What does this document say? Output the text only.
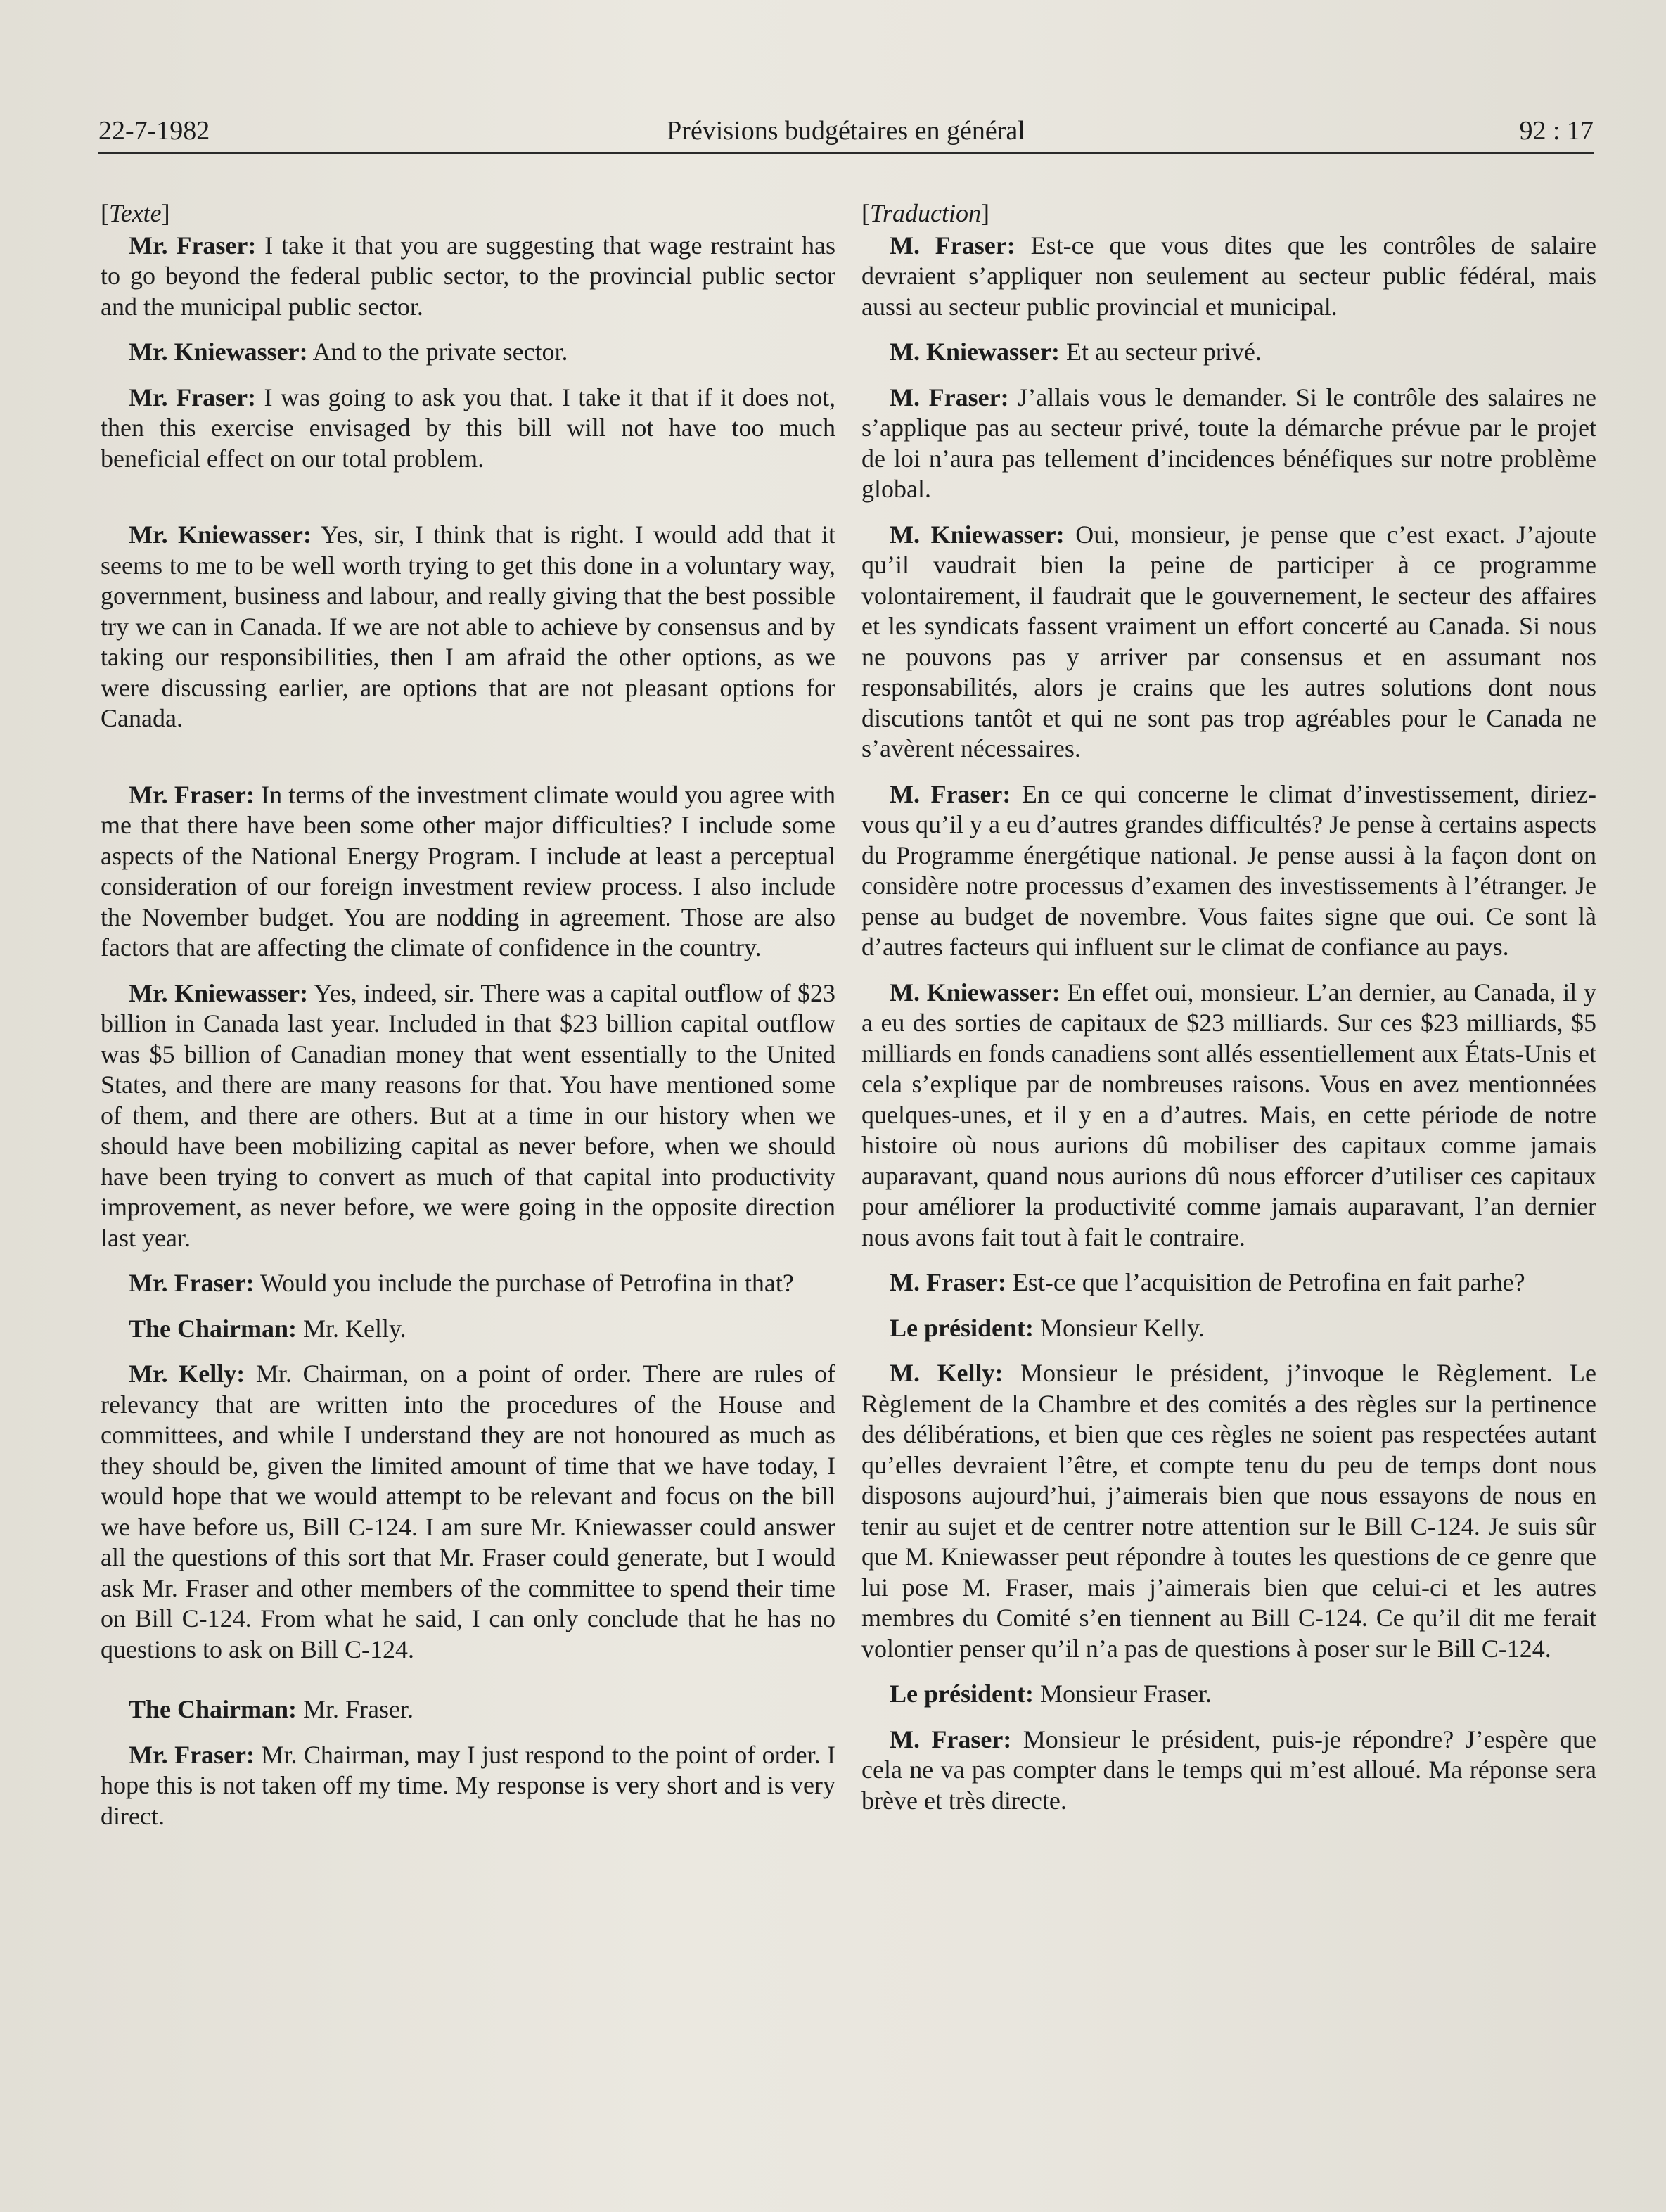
22-7-1982	Prévisions budgétaires en général	92 : 17

[Texte]

Mr. Fraser: I take it that you are suggesting that wage restraint has to go beyond the federal public sector, to the provincial public sector and the municipal public sector.

Mr. Kniewasser: And to the private sector.

Mr. Fraser: I was going to ask you that. I take it that if it does not, then this exercise envisaged by this bill will not have too much beneficial effect on our total problem.

Mr. Kniewasser: Yes, sir, I think that is right. I would add that it seems to me to be well worth trying to get this done in a voluntary way, government, business and labour, and really giving that the best possible try we can in Canada. If we are not able to achieve by consensus and by taking our responsibilities, then I am afraid the other options, as we were discussing earlier, are options that are not pleasant options for Canada.

Mr. Fraser: In terms of the investment climate would you agree with me that there have been some other major difficulties? I include some aspects of the National Energy Program. I include at least a perceptual consideration of our foreign investment review process. I also include the November budget. You are nodding in agreement. Those are also factors that are affecting the climate of confidence in the country.

Mr. Kniewasser: Yes, indeed, sir. There was a capital outflow of $23 billion in Canada last year. Included in that $23 billion capital outflow was $5 billion of Canadian money that went essentially to the United States, and there are many reasons for that. You have mentioned some of them, and there are others. But at a time in our history when we should have been mobilizing capital as never before, when we should have been trying to convert as much of that capital into productivity improvement, as never before, we were going in the opposite direction last year.

Mr. Fraser: Would you include the purchase of Petrofina in that?

The Chairman: Mr. Kelly.

Mr. Kelly: Mr. Chairman, on a point of order. There are rules of relevancy that are written into the procedures of the House and committees, and while I understand they are not honoured as much as they should be, given the limited amount of time that we have today, I would hope that we would attempt to be relevant and focus on the bill we have before us, Bill C-124. I am sure Mr. Kniewasser could answer all the questions of this sort that Mr. Fraser could generate, but I would ask Mr. Fraser and other members of the committee to spend their time on Bill C-124. From what he said, I can only conclude that he has no questions to ask on Bill C-124.

The Chairman: Mr. Fraser.

Mr. Fraser: Mr. Chairman, may I just respond to the point of order. I hope this is not taken off my time. My response is very short and is very direct.

[Traduction]

M. Fraser: Est-ce que vous dites que les contrôles de salaire devraient s’appliquer non seulement au secteur public fédéral, mais aussi au secteur public provincial et municipal.

M. Kniewasser: Et au secteur privé.

M. Fraser: J’allais vous le demander. Si le contrôle des salaires ne s’applique pas au secteur privé, toute la démarche prévue par le projet de loi n’aura pas tellement d’incidences bénéfiques sur notre problème global.

M. Kniewasser: Oui, monsieur, je pense que c’est exact. J’ajoute qu’il vaudrait bien la peine de participer à ce programme volontairement, il faudrait que le gouvernement, le secteur des affaires et les syndicats fassent vraiment un effort concerté au Canada. Si nous ne pouvons pas y arriver par consensus et en assumant nos responsabilités, alors je crains que les autres solutions dont nous discutions tantôt et qui ne sont pas trop agréables pour le Canada ne s’avèrent nécessaires.

M. Fraser: En ce qui concerne le climat d’investissement, diriez-vous qu’il y a eu d’autres grandes difficultés? Je pense à certains aspects du Programme énergétique national. Je pense aussi à la façon dont on considère notre processus d’examen des investissements à l’étranger. Je pense au budget de novembre. Vous faites signe que oui. Ce sont là d’autres facteurs qui influent sur le climat de confiance au pays.

M. Kniewasser: En effet oui, monsieur. L’an dernier, au Canada, il y a eu des sorties de capitaux de $23 milliards. Sur ces $23 milliards, $5 milliards en fonds canadiens sont allés essentiellement aux États-Unis et cela s’explique par de nombreuses raisons. Vous en avez mentionnées quelques-unes, et il y en a d’autres. Mais, en cette période de notre histoire où nous aurions dû mobiliser des capitaux comme jamais auparavant, quand nous aurions dû nous efforcer d’utiliser ces capitaux pour améliorer la productivité comme jamais auparavant, l’an dernier nous avons fait tout à fait le contraire.

M. Fraser: Est-ce que l’acquisition de Petrofina en fait parhe?

Le président: Monsieur Kelly.

M. Kelly: Monsieur le président, j’invoque le Règlement. Le Règlement de la Chambre et des comités a des règles sur la pertinence des délibérations, et bien que ces règles ne soient pas respectées autant qu’elles devraient l’être, et compte tenu du peu de temps dont nous disposons aujourd’hui, j’aimerais bien que nous essayons de nous en tenir au sujet et de centrer notre attention sur le Bill C-124. Je suis sûr que M. Kniewasser peut répondre à toutes les questions de ce genre que lui pose M. Fraser, mais j’aimerais bien que celui-ci et les autres membres du Comité s’en tiennent au Bill C-124. Ce qu’il dit me ferait volontier penser qu’il n’a pas de questions à poser sur le Bill C-124.

Le président: Monsieur Fraser.

M. Fraser: Monsieur le président, puis-je répondre? J’espère que cela ne va pas compter dans le temps qui m’est alloué. Ma réponse sera brève et très directe.
